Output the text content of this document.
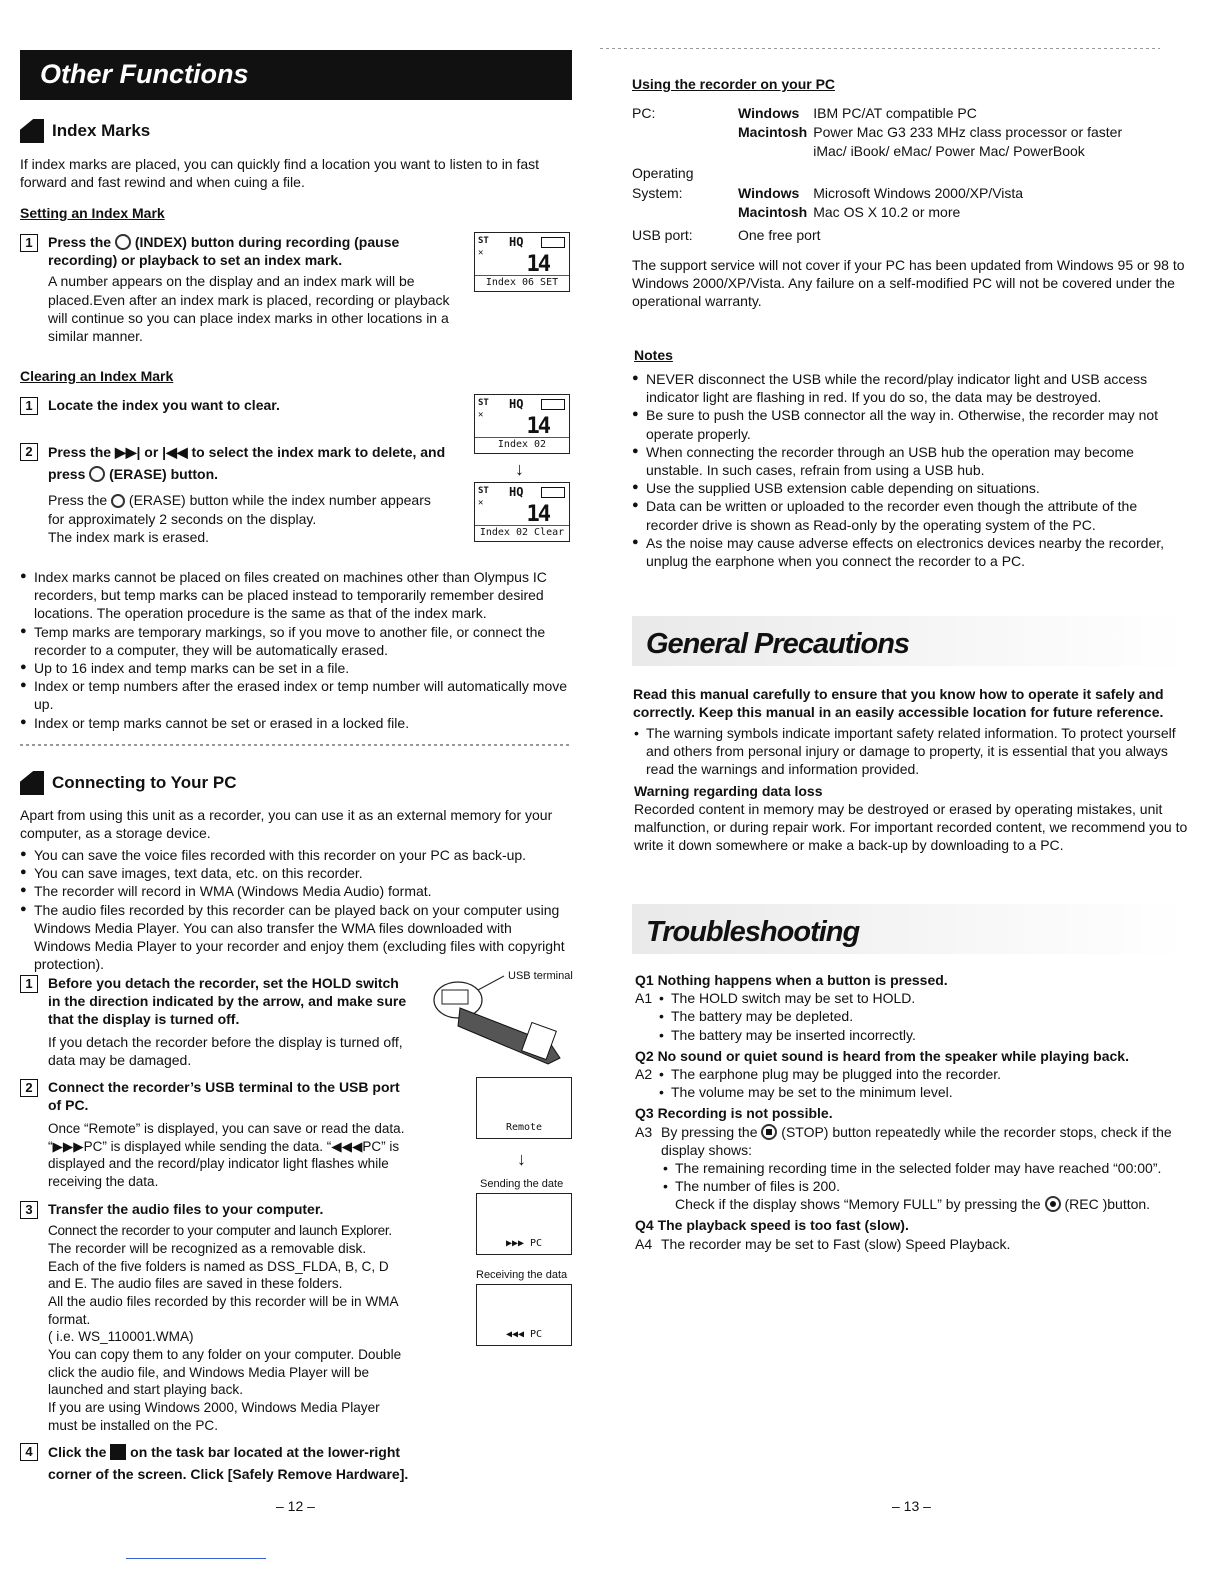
Other Functions
Index Marks
If index marks are placed, you can quickly find a location you want to listen to in fast forward and fast rewind and when cuing a file.
Setting an Index Mark
1	Press the (INDEX) button during recording (pause recording) or playback to set an index mark.
A number appears on the display and an index mark will be placed.Even after an index mark is placed, recording or playback will continue so you can place index marks in other locations in a similar manner.
ST
✕
HQ
14
Index 06 SET
Clearing an Index Mark
1	Locate the index you want to clear.
2	Press the ▶▶| or |◀◀ to select the index mark to delete, and press (ERASE) button.
Press the (ERASE) button while the index number appears for approximately 2 seconds on the display.
The index mark is erased.
ST
✕
HQ
14
Index 02
↓
ST
✕
HQ
14
Index 02 Clear
● Index marks cannot be placed on files created on machines other than Olympus IC recorders, but temp marks can be placed instead to temporarily remember desired locations. The operation procedure is the same as that of the index mark.
● Temp marks are temporary markings, so if you move to another file, or connect the recorder to a computer, they will be automatically erased.
● Up to 16 index and temp marks can be set in a file.
● Index or temp numbers after the erased index or temp number will automatically move up.
● Index or temp marks cannot be set or erased in a locked file.
Connecting to Your PC
Apart from using this unit as a recorder, you can use it as an external memory for your computer, as a storage device.
● You can save the voice files recorded with this recorder on your PC as back-up.
● You can save images, text data, etc. on this recorder.
● The recorder will record in WMA (Windows Media Audio) format.
● The audio files recorded by this recorder can be played back on your computer using Windows Media Player. You can also transfer the WMA files downloaded with Windows Media Player to your recorder and enjoy them (excluding files with copyright protection).
1	Before you detach the recorder, set the HOLD switch in the direction indicated by the arrow, and make sure that the display is turned off.
If you detach the recorder before the display is turned off, data may be damaged.
USB terminal
2	Connect the recorder’s USB terminal to the USB port of PC.
Once “Remote” is displayed, you can save or read the data. “▶▶▶PC” is displayed while sending the data. “◀◀◀PC” is displayed and the record/play indicator light flashes while receiving the data.
Remote
↓
Sending the date
▶▶▶ PC
Receiving the data
◀◀◀ PC
3	Transfer the audio files to your computer.
Connect the recorder to your computer and launch Explorer.
The recorder will be recognized as a removable disk.
Each of the five folders is named as DSS_FLDA, B, C, D and E. The audio files are saved in these folders.
All the audio files recorded by this recorder will be in WMA format.
( i.e. WS_110001.WMA)
You can copy them to any folder on your computer. Double click the audio file, and Windows Media Player will be launched and start playing back.
If you are using Windows 2000, Windows Media Player must be installed on the PC.
4	Click the on the task bar located at the lower-right corner of the screen. Click [Safely Remove Hardware].
– 12 –
Using the recorder on your PC
PC:	Windows	IBM PC/AT compatible PC
	Macintosh	Power Mac G3 233 MHz class processor or faster
		iMac/ iBook/ eMac/ Power Mac/ PowerBook
Operating		
System:	Windows	Microsoft Windows 2000/XP/Vista
	Macintosh	Mac OS X 10.2 or more
USB port:	One free port	
The support service will not cover if your PC has been updated from Windows 95 or 98 to Windows 2000/XP/Vista. Any failure on a self-modified PC will not be covered under the operational warranty.
Notes
● NEVER disconnect the USB while the record/play indicator light and USB access indicator light are flashing in red. If you do so, the data may be destroyed.
● Be sure to push the USB connector all the way in. Otherwise, the recorder may not operate properly.
● When connecting the recorder through an USB hub the operation may become unstable. In such cases, refrain from using a USB hub.
● Use the supplied USB extension cable depending on situations.
● Data can be written or uploaded to the recorder even though the attribute of the recorder drive is shown as Read-only by the operating system of the PC.
● As the noise may cause adverse effects on electronics devices nearby the recorder, unplug the earphone when you connect the recorder to a PC.
General Precautions
Read this manual carefully to ensure that you know how to operate it safely and correctly. Keep this manual in an easily accessible location for future reference.
• The warning symbols indicate important safety related information. To protect yourself and others from personal injury or damage to property, it is essential that you always read the warnings and information provided.
Warning regarding data loss
Recorded content in memory may be destroyed or erased by operating mistakes, unit malfunction, or during repair work. For important recorded content, we recommend you to write it down somewhere or make a back-up by downloading to a PC.
Troubleshooting
Q1 Nothing happens when a button is pressed.
A1	• The HOLD switch may be set to HOLD.
• The battery may be depleted.
• The battery may be inserted incorrectly.
Q2 No sound or quiet sound is heard from the speaker while playing back.
A2	• The earphone plug may be plugged into the recorder.
• The volume may be set to the minimum level.
Q3 Recording is not possible.
A3 By pressing the (STOP) button repeatedly while the recorder stops, check if the display shows:
• The remaining recording time in the selected folder may have reached “00:00”.
• The number of files is 200.
Check if the display shows “Memory FULL” by pressing the (REC )button.
Q4 The playback speed is too fast (slow).
A4 The recorder may be set to Fast (slow) Speed Playback.
– 13 –
